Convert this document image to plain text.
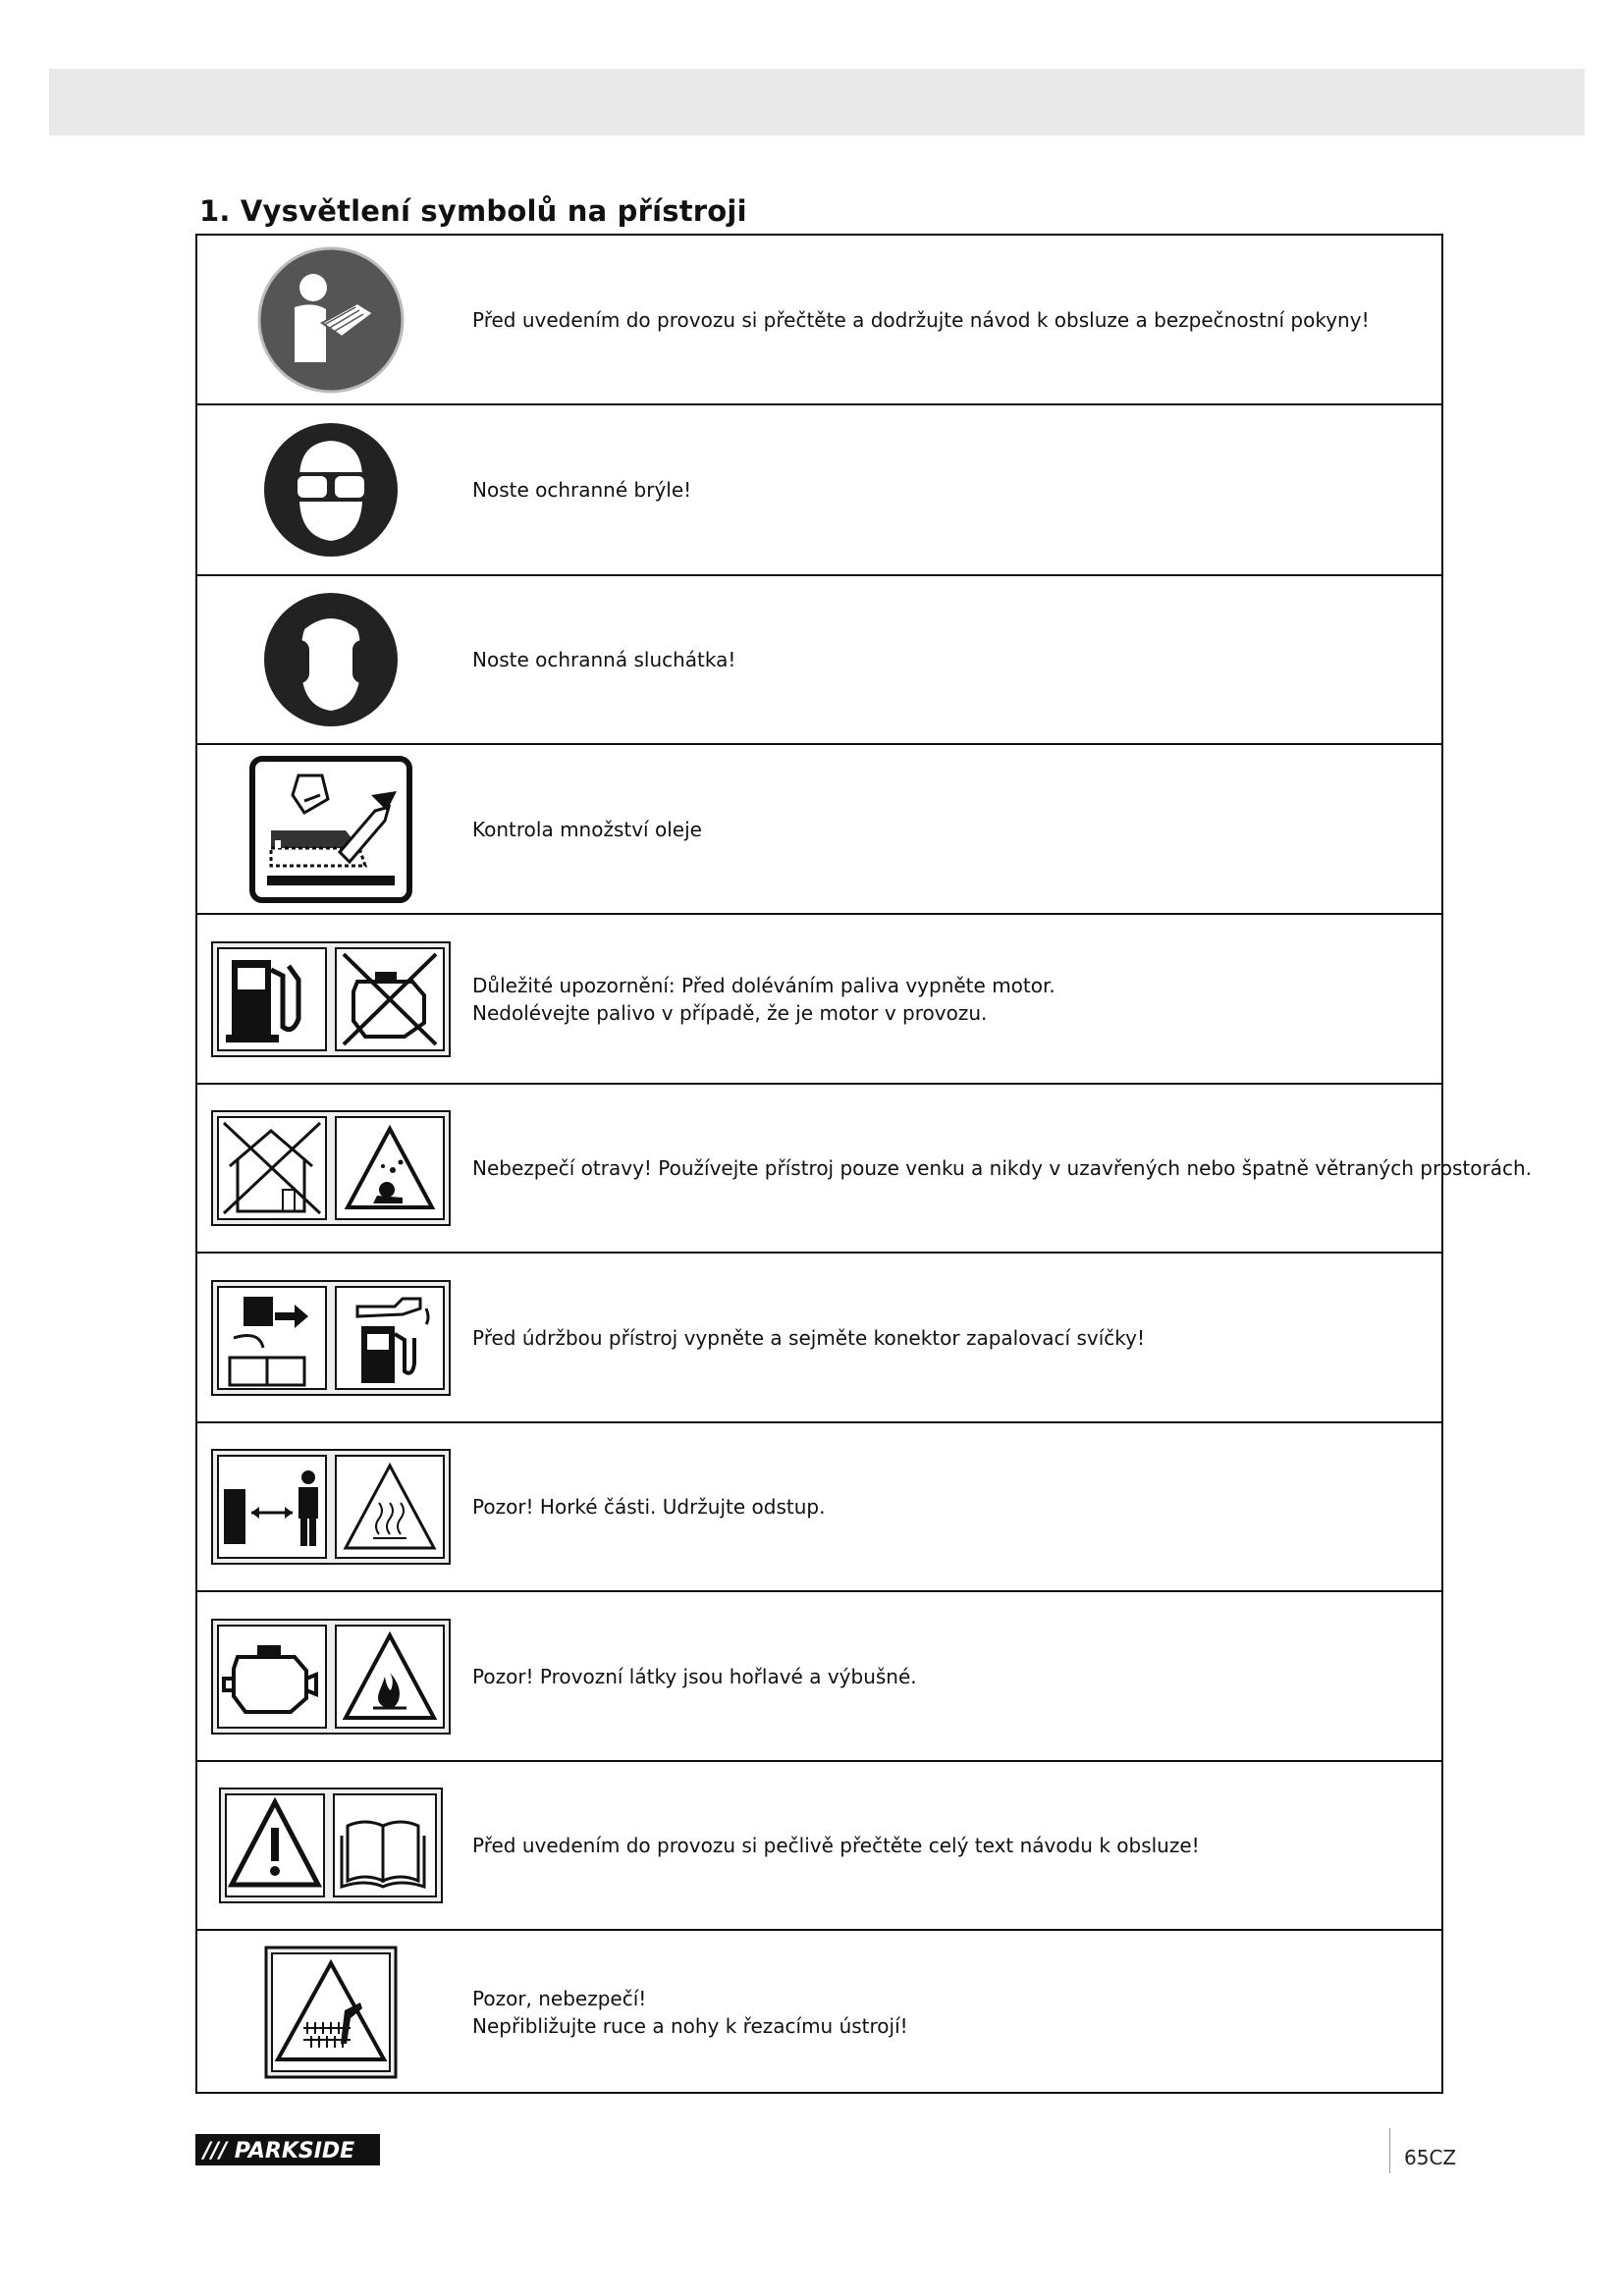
1. Vysvětlení symbolů na přístroji
Před uvedením do provozu si přečtěte a dodržujte návod k obsluze a bezpečnostní pokyny!
Noste ochranné brýle!
Noste ochranná sluchátka!
Kontrola množství oleje
Důležité upozornění: Před doléváním paliva vypněte motor.
Nedolévejte palivo v případě, že je motor v provozu.
Nebezpečí otravy! Používejte přístroj pouze venku a nikdy v uzavřených nebo špatně větraných prostorách.
Před údržbou přístroj vypněte a sejměte konektor zapalovací svíčky!
Pozor! Horké části. Udržujte odstup.
Pozor! Provozní látky jsou hořlavé a výbušné.
Před uvedením do provozu si pečlivě přečtěte celý text návodu k obsluze!
Pozor, nebezpečí!
Nepřibližujte ruce a nohy k řezacímu ústrojí!
/// PARKSIDE	65CZ
